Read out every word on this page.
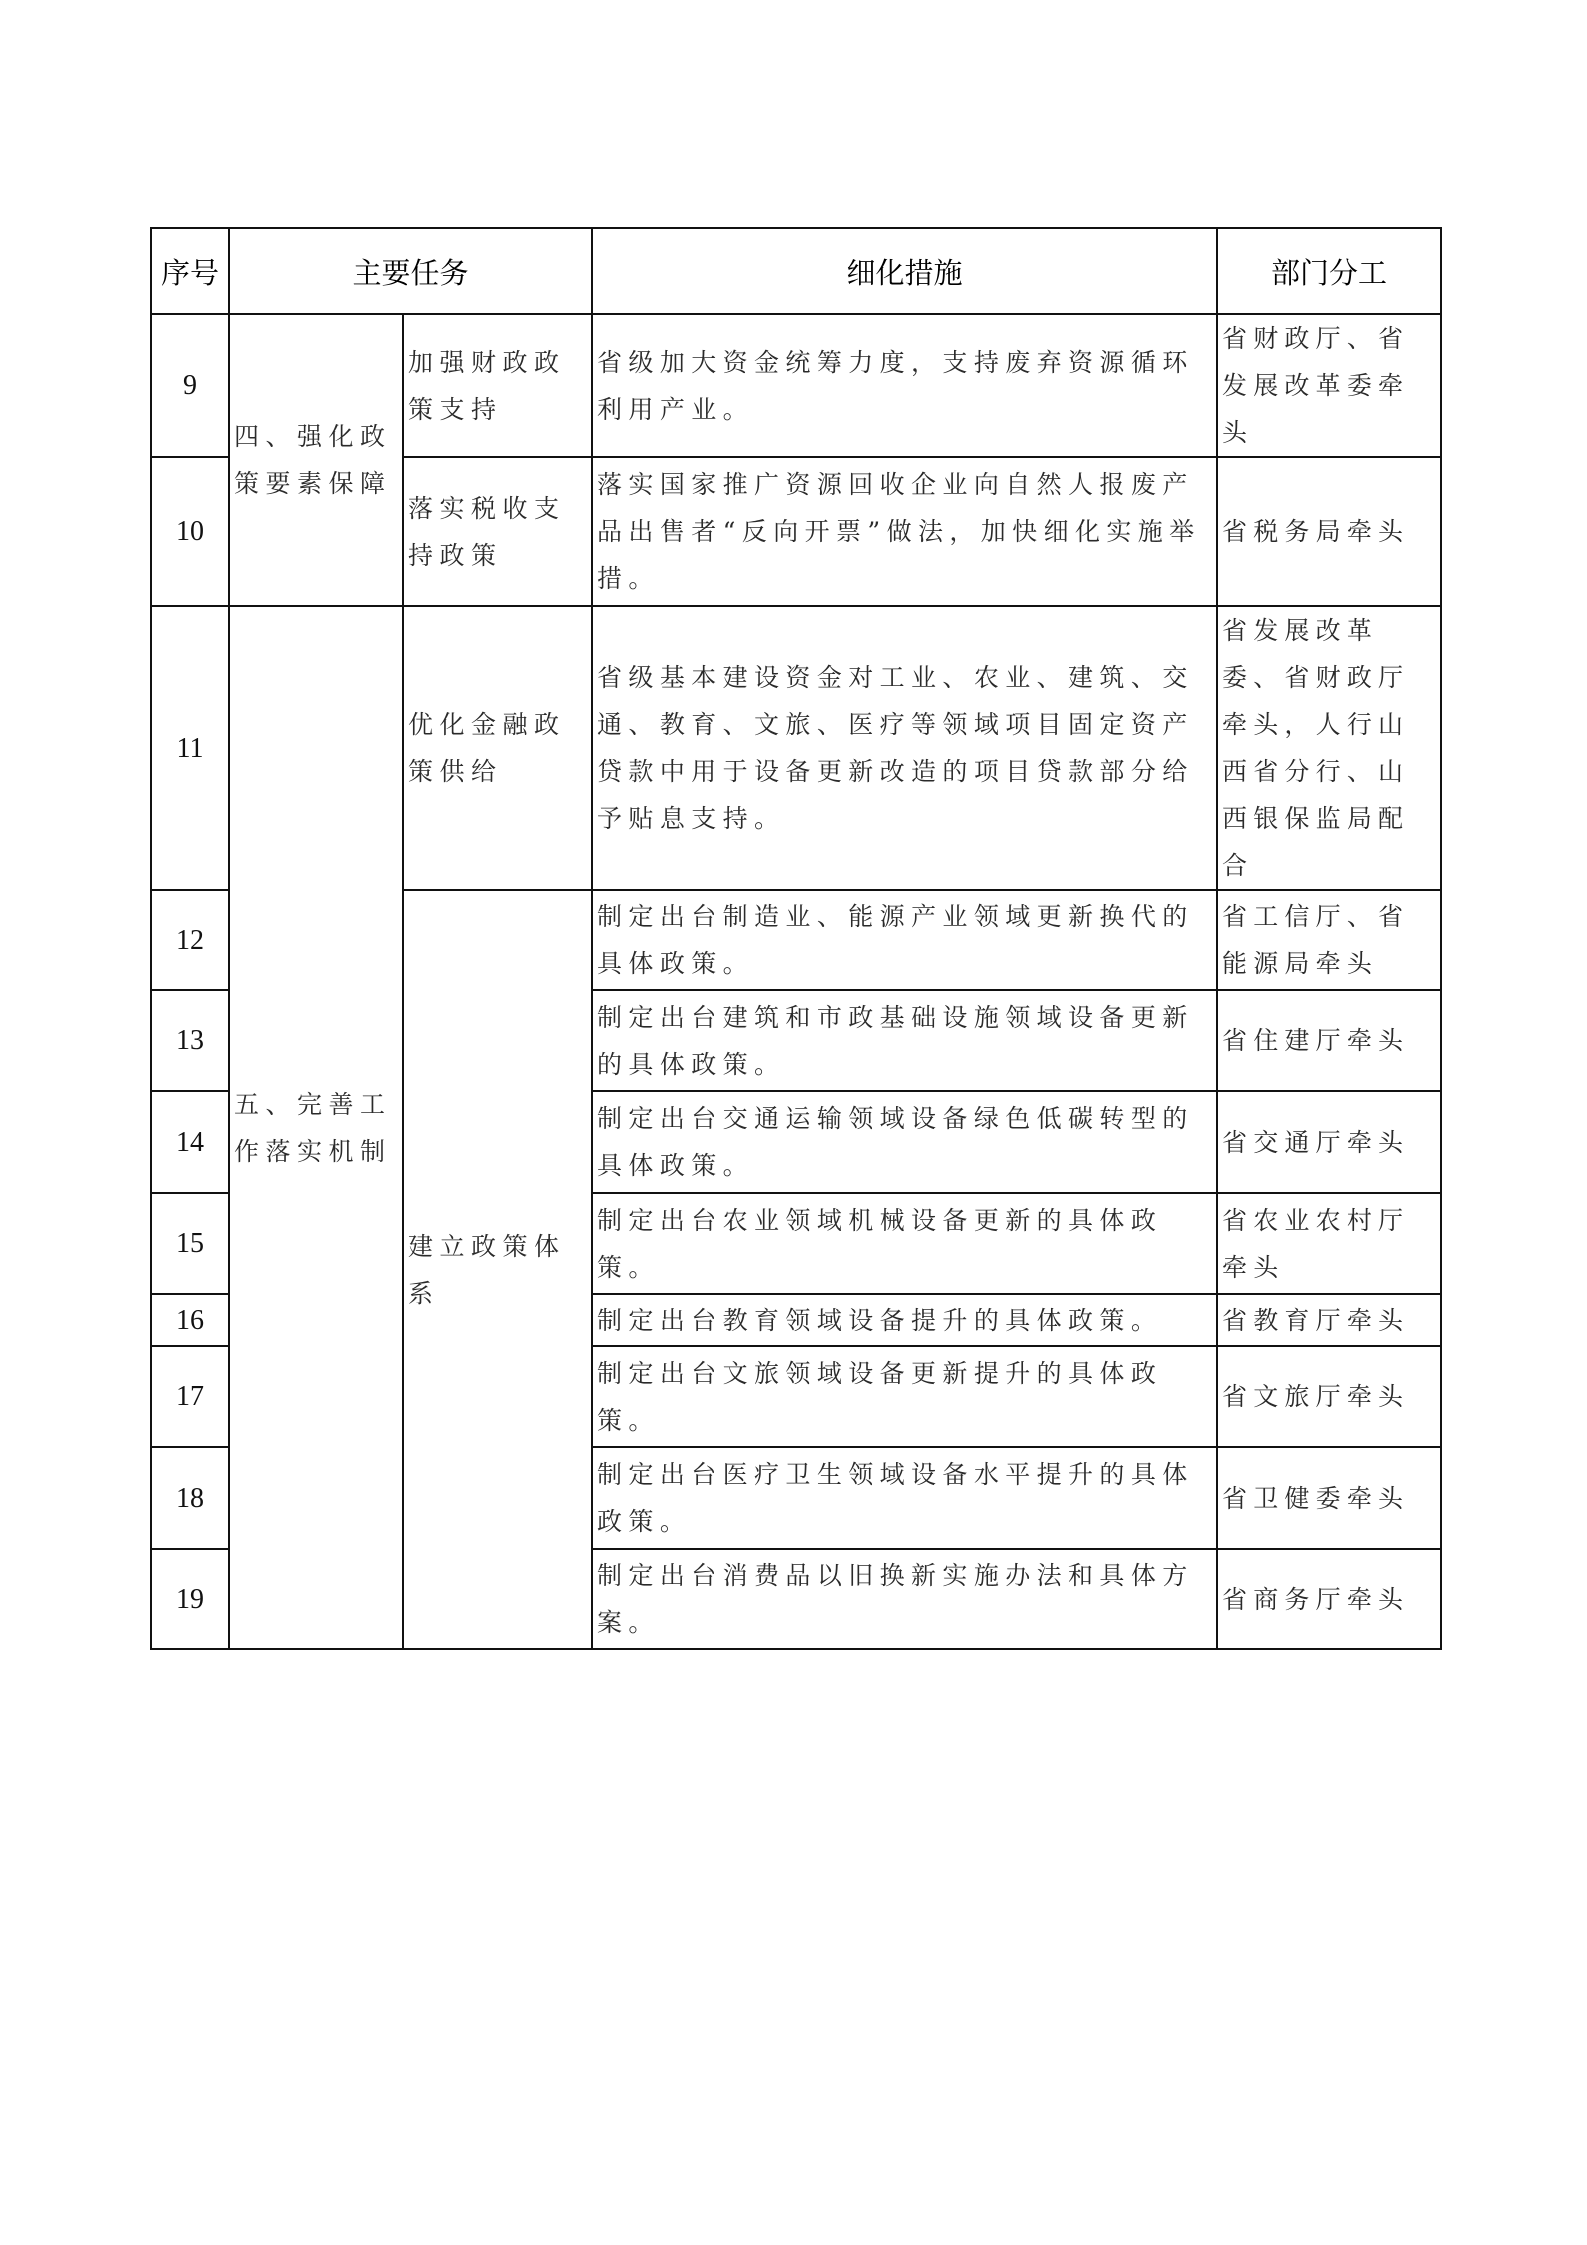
序号	主要任务		细化措施	部门分工
9	四、强化政策要素保障	加强财政政策支持	省级加大资金统筹力度，支持废弃资源循环利用产业。	省财政厅、省发展改革委牵头
10		落实税收支持政策	落实国家推广资源回收企业向自然人报废产品出售者“反向开票”做法，加快细化实施举措。	省税务局牵头
11	五、完善工作落实机制	优化金融政策供给	省级基本建设资金对工业、农业、建筑、交通、教育、文旅、医疗等领域项目固定资产贷款中用于设备更新改造的项目贷款部分给予贴息支持。	省发展改革委、省财政厅牵头，人行山西省分行、山西银保监局配合
12		建立政策体系	制定出台制造业、能源产业领域更新换代的具体政策。	省工信厅、省能源局牵头
13			制定出台建筑和市政基础设施领域设备更新的具体政策。	省住建厅牵头
14			制定出台交通运输领域设备绿色低碳转型的具体政策。	省交通厅牵头
15			制定出台农业领域机械设备更新的具体政策。	省农业农村厅牵头
16			制定出台教育领域设备提升的具体政策。	省教育厅牵头
17			制定出台文旅领域设备更新提升的具体政策。	省文旅厅牵头
18			制定出台医疗卫生领域设备水平提升的具体政策。	省卫健委牵头
19			制定出台消费品以旧换新实施办法和具体方案。	省商务厅牵头
